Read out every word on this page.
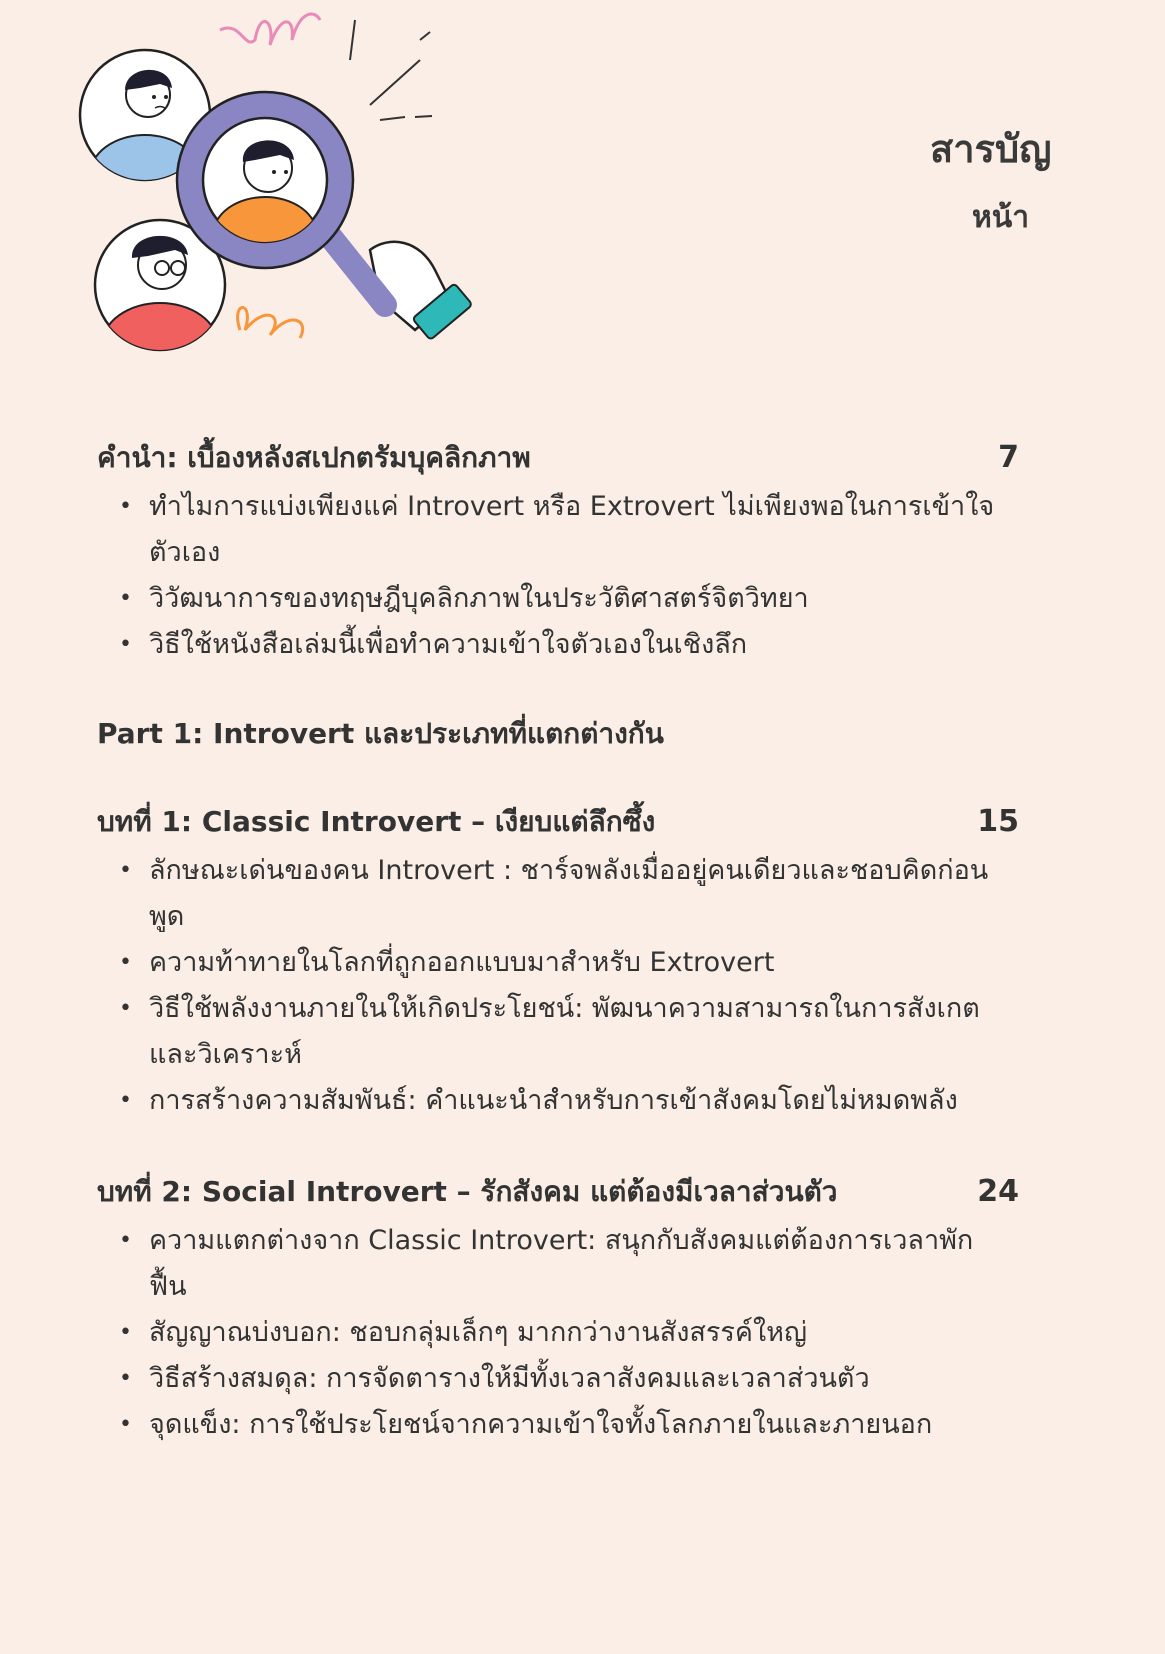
สารบัญ
หน้า
คำนำ: เบื้องหลังสเปกตรัมบุคลิกภาพ	7
• ทำไมการแบ่งเพียงแค่ Introvert หรือ Extrovert ไม่เพียงพอในการเข้าใจตัวเอง
• วิวัฒนาการของทฤษฎีบุคลิกภาพในประวัติศาสตร์จิตวิทยา
• วิธีใช้หนังสือเล่มนี้เพื่อทำความเข้าใจตัวเองในเชิงลึก
Part 1: Introvert และประเภทที่แตกต่างกัน
บทที่ 1: Classic Introvert – เงียบแต่ลึกซึ้ง	15
• ลักษณะเด่นของคน Introvert : ชาร์จพลังเมื่ออยู่คนเดียวและชอบคิดก่อนพูด
• ความท้าทายในโลกที่ถูกออกแบบมาสำหรับ Extrovert
• วิธีใช้พลังงานภายในให้เกิดประโยชน์: พัฒนาความสามารถในการสังเกตและวิเคราะห์
• การสร้างความสัมพันธ์: คำแนะนำสำหรับการเข้าสังคมโดยไม่หมดพลัง
บทที่ 2: Social Introvert – รักสังคม แต่ต้องมีเวลาส่วนตัว	24
• ความแตกต่างจาก Classic Introvert: สนุกกับสังคมแต่ต้องการเวลาพักฟื้น
• สัญญาณบ่งบอก: ชอบกลุ่มเล็กๆ มากกว่างานสังสรรค์ใหญ่
• วิธีสร้างสมดุล: การจัดตารางให้มีทั้งเวลาสังคมและเวลาส่วนตัว
• จุดแข็ง: การใช้ประโยชน์จากความเข้าใจทั้งโลกภายในและภายนอก
